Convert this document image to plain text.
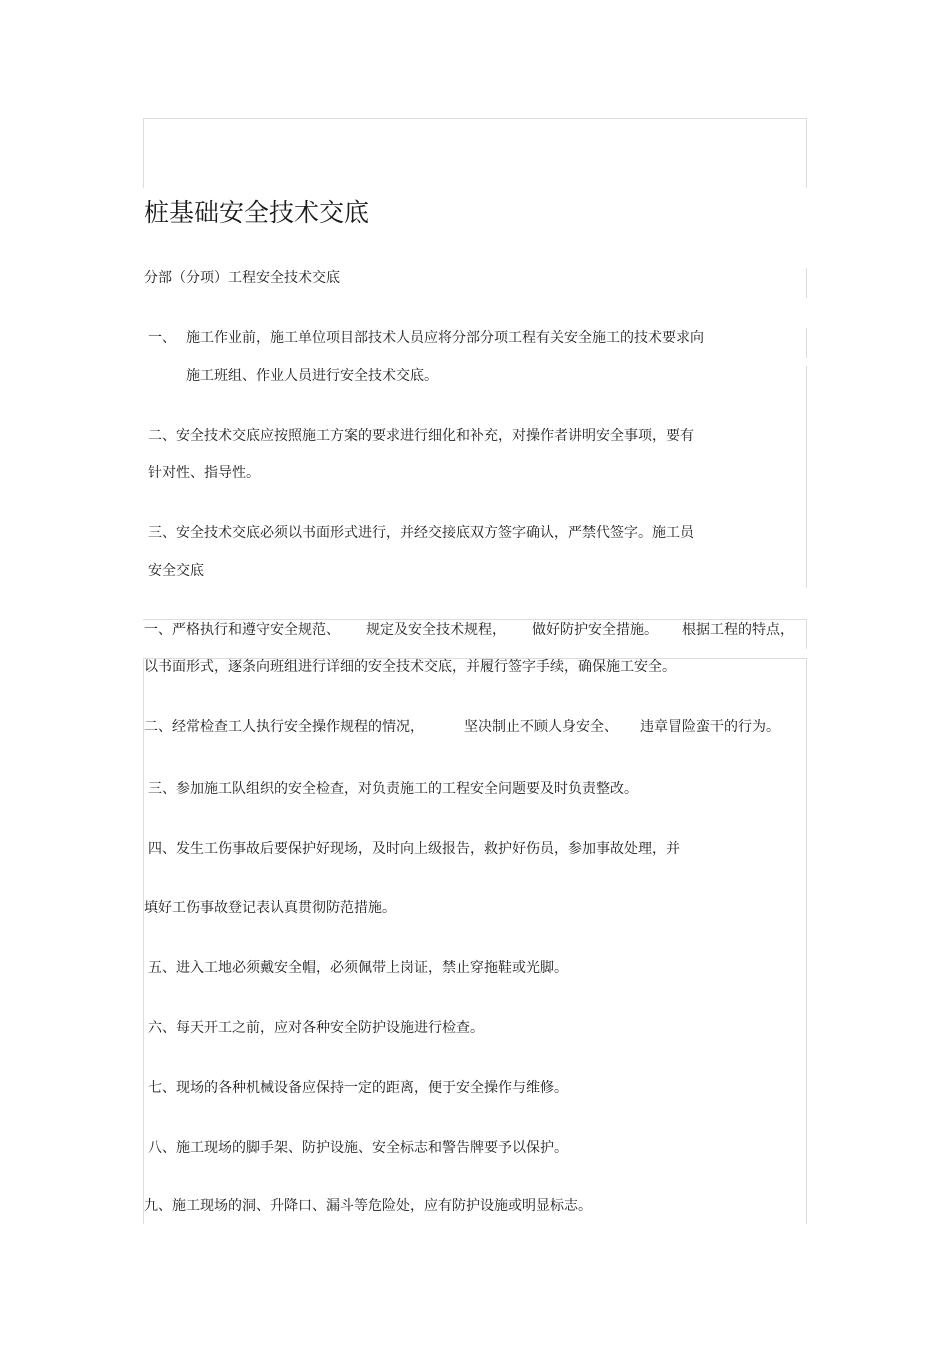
桩基础安全技术交底
分部（分项）工程安全技术交底
一、 施工作业前，施工单位项目部技术人员应将分部分项工程有关安全施工的技术要求向
施工班组、作业人员进行安全技术交底。
二、安全技术交底应按照施工方案的要求进行细化和补充，对操作者讲明安全事项，要有
针对性、指导性。
三、安全技术交底必须以书面形式进行，并经交接底双方签字确认，严禁代签字。施工员
安全交底
一、严格执行和遵守安全规范、 规定及安全技术规程， 做好防护安全措施。 根据工程的特点，
以书面形式，逐条向班组进行详细的安全技术交底，并履行签字手续，确保施工安全。
二、经常检查工人执行安全操作规程的情况，	坚决制止不顾人身安全、 违章冒险蛮干的行为。
三、参加施工队组织的安全检查，对负责施工的工程安全问题要及时负责整改。
四、发生工伤事故后要保护好现场，及时向上级报告，救护好伤员，参加事故处理，并
填好工伤事故登记表认真贯彻防范措施。
五、进入工地必须戴安全帽，必须佩带上岗证，禁止穿拖鞋或光脚。
六、每天开工之前，应对各种安全防护设施进行检查。
七、现场的各种机械设备应保持一定的距离，便于安全操作与维修。
八、施工现场的脚手架、防护设施、安全标志和警告牌要予以保护。
九、施工现场的洞、升降口、漏斗等危险处，应有防护设施或明显标志。
